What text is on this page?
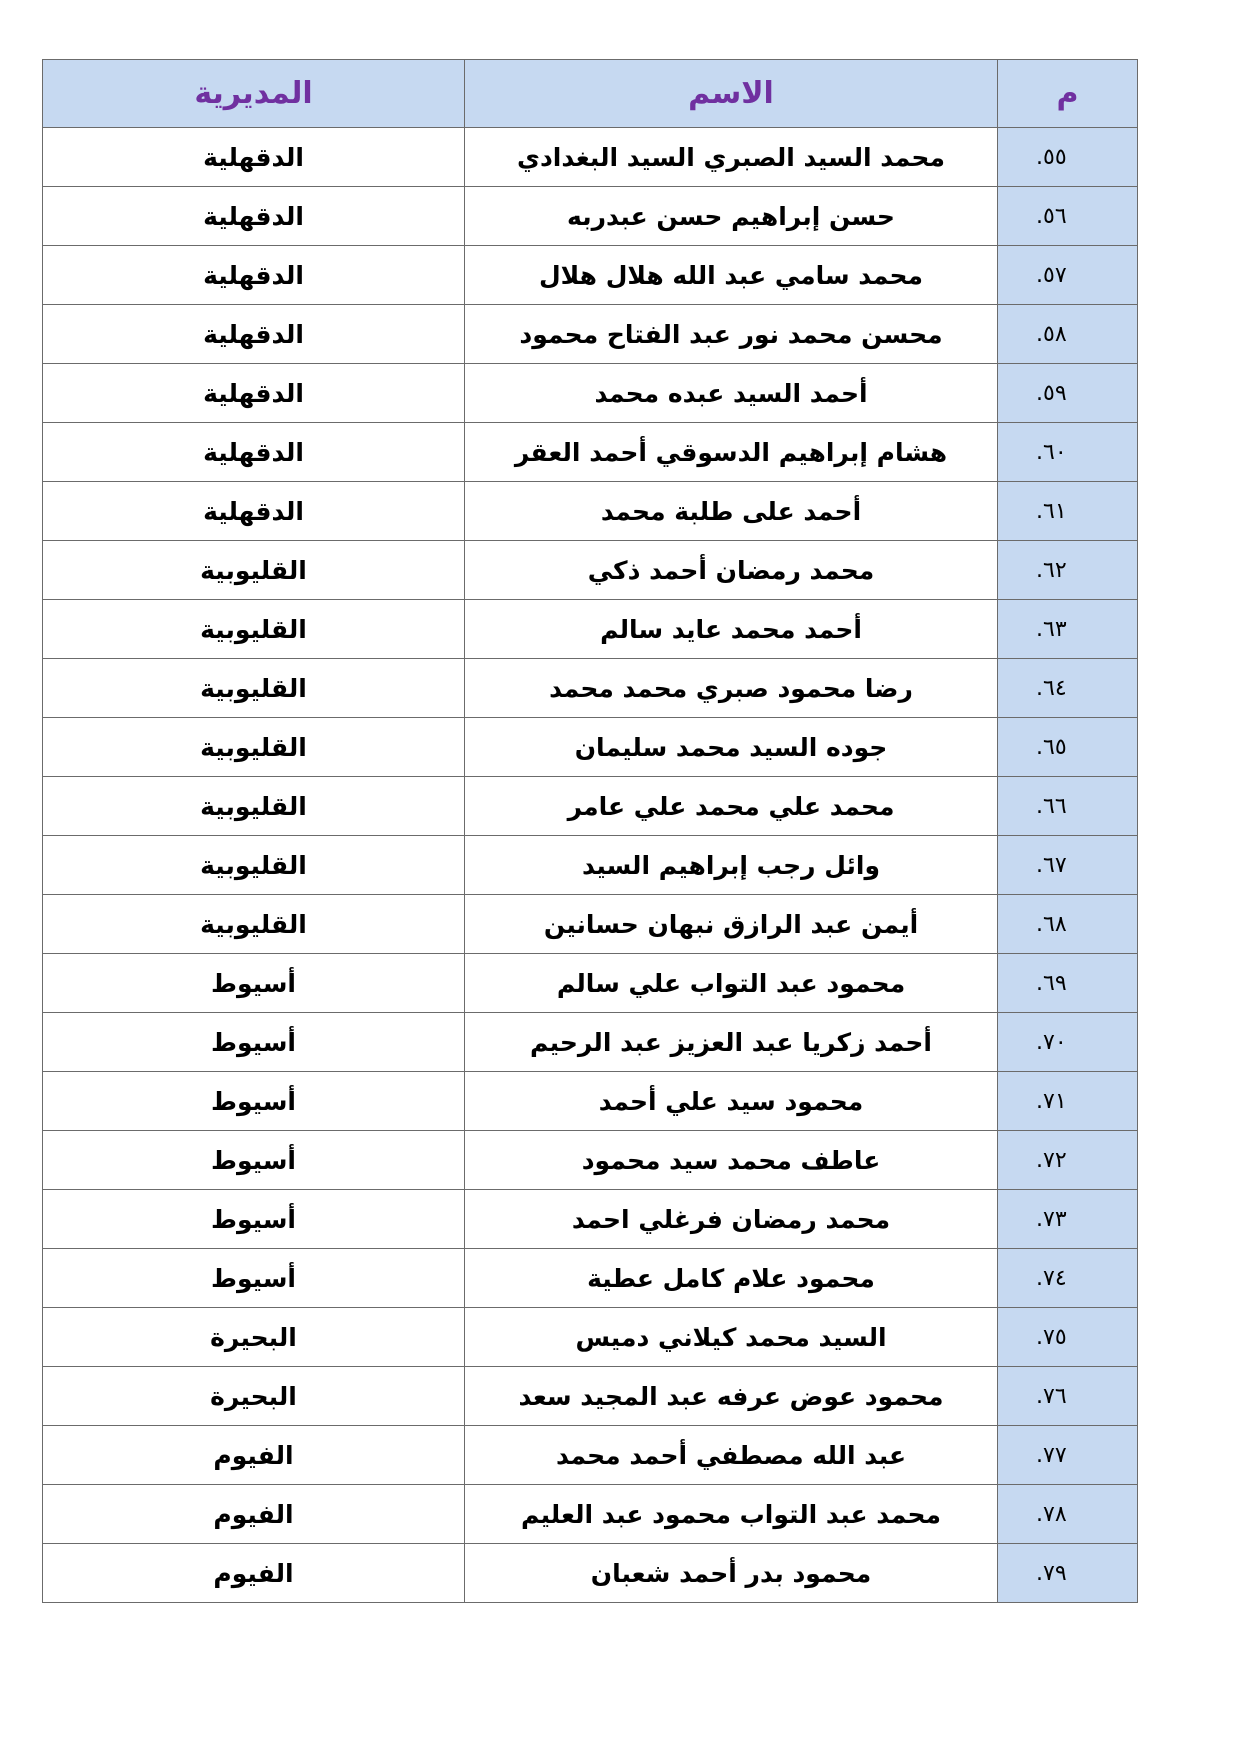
م	الاسم	المديرية
٥٥.	محمد السيد الصبري السيد البغدادي	الدقهلية
٥٦.	حسن إبراهيم حسن عبدربه	الدقهلية
٥٧.	محمد سامي عبد الله هلال هلال	الدقهلية
٥٨.	محسن محمد نور عبد الفتاح محمود	الدقهلية
٥٩.	أحمد السيد عبده محمد	الدقهلية
٦٠.	هشام إبراهيم الدسوقي أحمد العقر	الدقهلية
٦١.	أحمد على طلبة محمد	الدقهلية
٦٢.	محمد رمضان أحمد ذكي	القليوبية
٦٣.	أحمد محمد عايد سالم	القليوبية
٦٤.	رضا محمود صبري محمد محمد	القليوبية
٦٥.	جوده السيد محمد سليمان	القليوبية
٦٦.	محمد علي محمد علي عامر	القليوبية
٦٧.	وائل رجب إبراهيم السيد	القليوبية
٦٨.	أيمن عبد الرازق نبهان حسانين	القليوبية
٦٩.	محمود عبد التواب علي سالم	أسيوط
٧٠.	أحمد زكريا عبد العزيز عبد الرحيم	أسيوط
٧١.	محمود سيد علي أحمد	أسيوط
٧٢.	عاطف محمد سيد محمود	أسيوط
٧٣.	محمد رمضان فرغلي احمد	أسيوط
٧٤.	محمود علام كامل عطية	أسيوط
٧٥.	السيد محمد كيلاني دميس	البحيرة
٧٦.	محمود عوض عرفه عبد المجيد سعد	البحيرة
٧٧.	عبد الله مصطفي أحمد محمد	الفيوم
٧٨.	محمد عبد التواب محمود عبد العليم	الفيوم
٧٩.	محمود بدر أحمد شعبان	الفيوم
